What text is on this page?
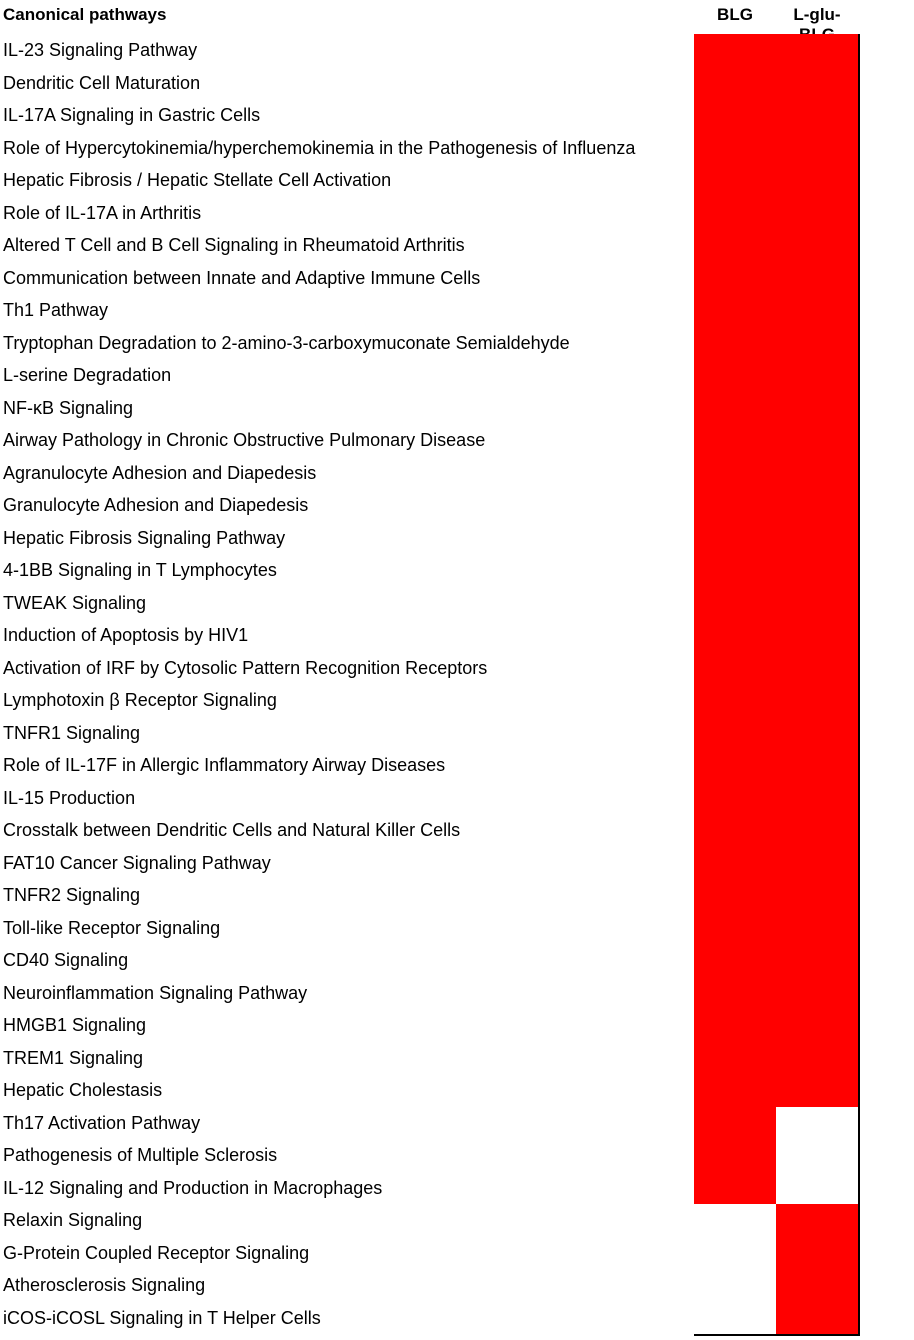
Canonical pathways	BLG	L-glu-
IL-23 Signaling Pathway
Dendritic Cell Maturation
IL-17A Signaling in Gastric Cells
Role of Hypercytokinemia/hyperchemokinemia in the Pathogenesis of Influenza
Hepatic Fibrosis / Hepatic Stellate Cell Activation
Role of IL-17A in Arthritis
Altered T Cell and B Cell Signaling in Rheumatoid Arthritis
Communication between Innate and Adaptive Immune Cells
Th1 Pathway
Tryptophan Degradation to 2-amino-3-carboxymuconate Semialdehyde
L-serine Degradation
NF-κB Signaling
Airway Pathology in Chronic Obstructive Pulmonary Disease
Agranulocyte Adhesion and Diapedesis
Granulocyte Adhesion and Diapedesis
Hepatic Fibrosis Signaling Pathway
4-1BB Signaling in T Lymphocytes
TWEAK Signaling
Induction of Apoptosis by HIV1
Activation of IRF by Cytosolic Pattern Recognition Receptors
Lymphotoxin β Receptor Signaling
TNFR1 Signaling
Role of IL-17F in Allergic Inflammatory Airway Diseases
IL-15 Production
Crosstalk between Dendritic Cells and Natural Killer Cells
FAT10 Cancer Signaling Pathway
TNFR2 Signaling
Toll-like Receptor Signaling
CD40 Signaling
Neuroinflammation Signaling Pathway
HMGB1 Signaling
TREM1 Signaling
Hepatic Cholestasis
Th17 Activation Pathway
Pathogenesis of Multiple Sclerosis
IL-12 Signaling and Production in Macrophages
Relaxin Signaling
G-Protein Coupled Receptor Signaling
Atherosclerosis Signaling
iCOS-iCOSL Signaling in T Helper Cells
